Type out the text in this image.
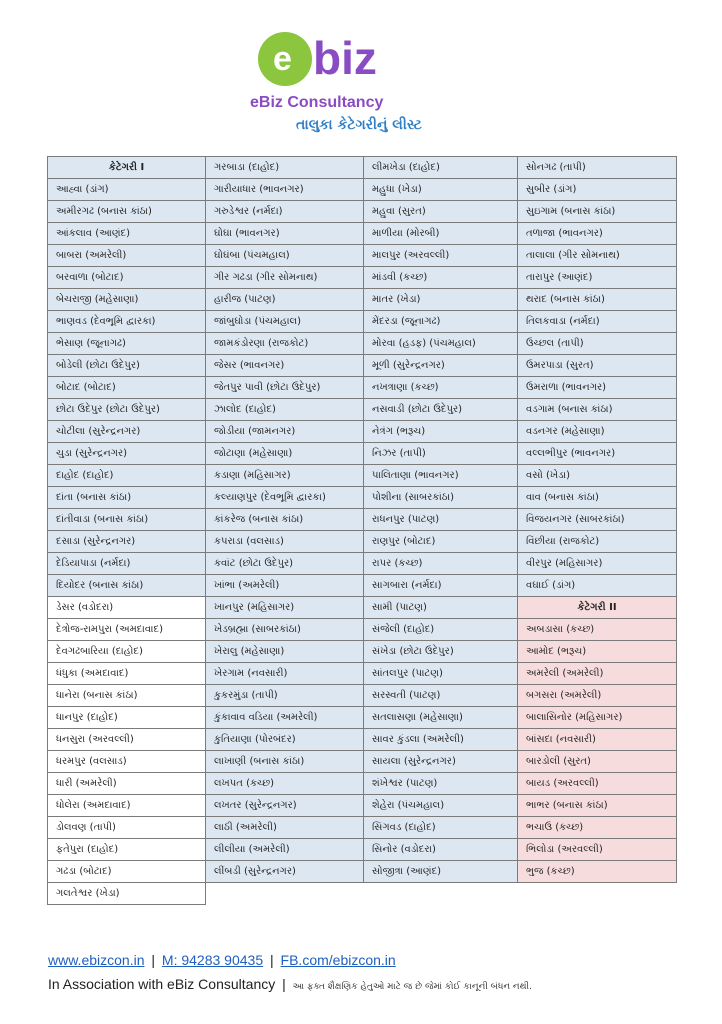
e biz
eBiz Consultancy
તાલુકા કેટેગરીનું લીસ્ટ
કેટેગરી I
આહ્વા (ડાંગ)
અમીરગઢ (બનાસ કાંઠા)
આંકલાવ (આણંદ)
બાબરા (અમરેલી)
બરવાળા (બોટાદ)
બેચરાજી (મહેસાણા)
ભાણવડ (દેવભૂમિ દ્વારકા)
ભેસાણ (જૂનાગઢ)
બોડેલી (છોટા ઉદેપુર)
બોટાદ (બોટાદ)
છોટા ઉદેપુર (છોટા ઉદેપુર)
ચોટીલા (સુરેન્દ્રનગર)
ચુડા (સુરેન્દ્રનગર)
દાહોદ (દાહોદ)
દાંતા (બનાસ કાંઠા)
દાંતીવાડા (બનાસ કાંઠા)
દસાડા (સુરેન્દ્રનગર)
દેડિયાપાડા (નર્મદા)
દિયોદર (બનાસ કાંઠા)
ડેસર (વડોદરા)
દેત્રોજ-રામપુરા (અમદાવાદ)
દેવગઢબારિયા (દાહોદ)
ધંધુકા (અમદાવાદ)
ધાનેરા (બનાસ કાંઠા)
ધાનપુર (દાહોદ)
ધનસુરા (અરવલ્લી)
ધરમપુર (વલસાડ)
ધારી (અમરેલી)
ધોલેરા (અમદાવાદ)
ડોલવણ (તાપી)
ફતેપુરા (દાહોદ)
ગઢડા (બોટાદ)
ગલતેશ્વર (ખેડા)
ગરબાડા (દાહોદ)
ગારીયાધાર (ભાવનગર)
ગરુડેશ્વર (નર્મદા)
ઘોઘા (ભાવનગર)
ઘોઘંબા (પંચમહાલ)
ગીર ગઢડા (ગીર સોમનાથ)
હારીજ (પાટણ)
જાંબુઘોડા (પંચમહાલ)
જામકંડોરણા (રાજકોટ)
જેસર (ભાવનગર)
જેતપુર પાવી (છોટા ઉદેપુર)
ઝાલોદ (દાહોદ)
જોડીયા (જામનગર)
જોટાણા (મહેસાણા)
કડાણા (મહિસાગર)
કલ્યાણપુર (દેવભૂમિ દ્વારકા)
કાંકરેજ (બનાસ કાંઠા)
કપરાડા (વલસાડ)
કવાંટ (છોટા ઉદેપુર)
ખાંભા (અમરેલી)
ખાનપુર (મહિસાગર)
ખેડબ્રહ્મા (સાબરકાંઠા)
ખેરાલુ (મહેસાણા)
ખેરગામ (નવસારી)
કુકરમુંડા (તાપી)
કુંકાવાવ વડિયા (અમરેલી)
કુતિયાણા (પોરબંદર)
લાખાણી (બનાસ કાંઠા)
લખપત (કચ્છ)
લખતર (સુરેન્દ્રનગર)
લાઠી (અમરેલી)
લીલીયા (અમરેલી)
લીંબડી (સુરેન્દ્રનગર)
લીમખેડા (દાહોદ)
મહુધા (ખેડા)
મહુવા (સુરત)
માળીયા (મોરબી)
માલપુર (અરવલ્લી)
માંડવી (કચ્છ)
માતર (ખેડા)
મેંદરડા (જૂનાગઢ)
મોરવા (હડફ) (પંચમહાલ)
મૂળી (સુરેન્દ્રનગર)
નખત્રાણા (કચ્છ)
નસવાડી (છોટા ઉદેપુર)
નેત્રંગ (ભરૂચ)
નિઝર (તાપી)
પાલિતાણા (ભાવનગર)
પોશીના (સાબરકાંઠા)
રાધનપુર (પાટણ)
રાણપુર (બોટાદ)
રાપર (કચ્છ)
સાગબારા (નર્મદા)
સામી (પાટણ)
સંજેલી (દાહોદ)
સંખેડા (છોટા ઉદેપુર)
સાંતલપુર (પાટણ)
સરસ્વતી (પાટણ)
સતલાસણા (મહેસાણા)
સાવર કુંડલા (અમરેલી)
સાયલા (સુરેન્દ્રનગર)
શંખેશ્વર (પાટણ)
શેહેરા (પંચમહાલ)
સિંગવડ (દાહોદ)
સિનોર (વડોદરા)
સોજીત્રા (આણંદ)
સોનગઢ (તાપી)
સુબીર (ડાંગ)
સુઇગામ (બનાસ કાંઠા)
તળાજા (ભાવનગર)
તાલાલા (ગીર સોમનાથ)
તારાપુર (આણંદ)
થરાદ (બનાસ કાંઠા)
તિલકવાડા (નર્મદા)
ઉચ્છલ (તાપી)
ઉમરપાડા (સુરત)
ઉમરાળા (ભાવનગર)
વડગામ (બનાસ કાંઠા)
વડનગર (મહેસાણા)
વલ્લભીપુર (ભાવનગર)
વસો (ખેડા)
વાવ (બનાસ કાંઠા)
વિજયનગર (સાબરકાંઠા)
વિંછીયા (રાજકોટ)
વીરપુર (મહિસાગર)
વઘાઈ (ડાંગ)
કેટેગરી II
અબડાસા (કચ્છ)
આમોદ (ભરૂચ)
અમરેલી (અમરેલી)
બગસરા (અમરેલી)
બાલાસિનોર (મહિસાગર)
બાંસદા (નવસારી)
બારડોલી (સુરત)
બાયડ (અરવલ્લી)
ભાભર (બનાસ કાંઠા)
ભચાઉ (કચ્છ)
ભિલોડા (અરવલ્લી)
ભુજ (કચ્છ)
www.ebizcon.in | M: 94283 90435 | FB.com/ebizcon.in
In Association with eBiz Consultancy | આ ફક્ત શૈક્ષણિક હેતુઓ માટે જ છે જેમાં કોઈ કાનૂની બંધન નથી.
